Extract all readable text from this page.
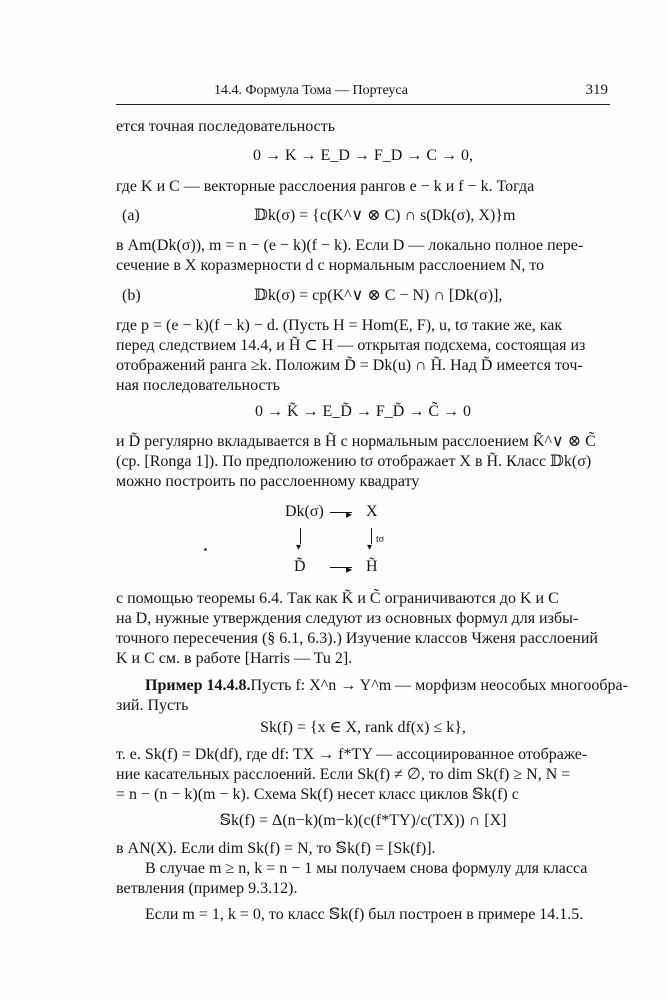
14.4. Формула Тома — Портеуса	319
ется точная последовательность
0 → K → E_D → F_D → C → 0,
где K и C — векторные расслоения рангов e − k и f − k. Тогда
(a)	𝔻k(σ) = {c(K^∨ ⊗ C) ∩ s(Dk(σ), X)}m
в Am(Dk(σ)), m = n − (e − k)(f − k). Если D — локально полное пере-
сечение в X коразмерности d с нормальным расслоением N, то
(b)	𝔻k(σ) = cp(K^∨ ⊗ C − N) ∩ [Dk(σ)],
где p = (e − k)(f − k) − d. (Пусть H = Hom(E, F), u, tσ такие же, как
перед следствием 14.4, и H̃ ⊂ H — открытая подсхема, состоящая из
отображений ранга ≥k. Положим D̃ = Dk(u) ∩ H̃. Над D̃ имеется точ-
ная последовательность
0 → K̃ → E_D̃ → F_D̃ → C̃ → 0
и D̃ регулярно вкладывается в H̃ с нормальным расслоением K̃^∨ ⊗ C̃
(ср. [Ronga 1]). По предположению tσ отображает X в H̃. Класс 𝔻k(σ)
можно построить по расслоенному квадрату
Dk(σ) ▸ X
▾	▾
tσ
D̃	▸ H̃
с помощью теоремы 6.4. Так как K̃ и C̃ ограничиваются до K и C
на D, нужные утверждения следуют из основных формул для избы-
точного пересечения (§ 6.1, 6.3).) Изучение классов Чженя расслоений
K и C см. в работе [Harris — Tu 2].
Пример 14.4.8. Пусть f: X^n → Y^m — морфизм неособых многообра-
зий. Пусть
Sk(f) = {x ∈ X, rank df(x) ≤ k},
т. е. Sk(f) = Dk(df), где df: TX → f*TY — ассоциированное отображе-
ние касательных расслоений. Если Sk(f) ≠ ∅, то dim Sk(f) ≥ N, N =
= n − (n − k)(m − k). Схема Sk(f) несет класс циклов 𝕊k(f) с
𝕊k(f) = Δ(n−k)(m−k)(c(f*TY)/c(TX)) ∩ [X]
в AN(X). Если dim Sk(f) = N, то 𝕊k(f) = [Sk(f)].
В случае m ≥ n, k = n − 1 мы получаем снова формулу для класса
ветвления (пример 9.3.12).
Если m = 1, k = 0, то класс 𝕊k(f) был построен в примере 14.1.5.
